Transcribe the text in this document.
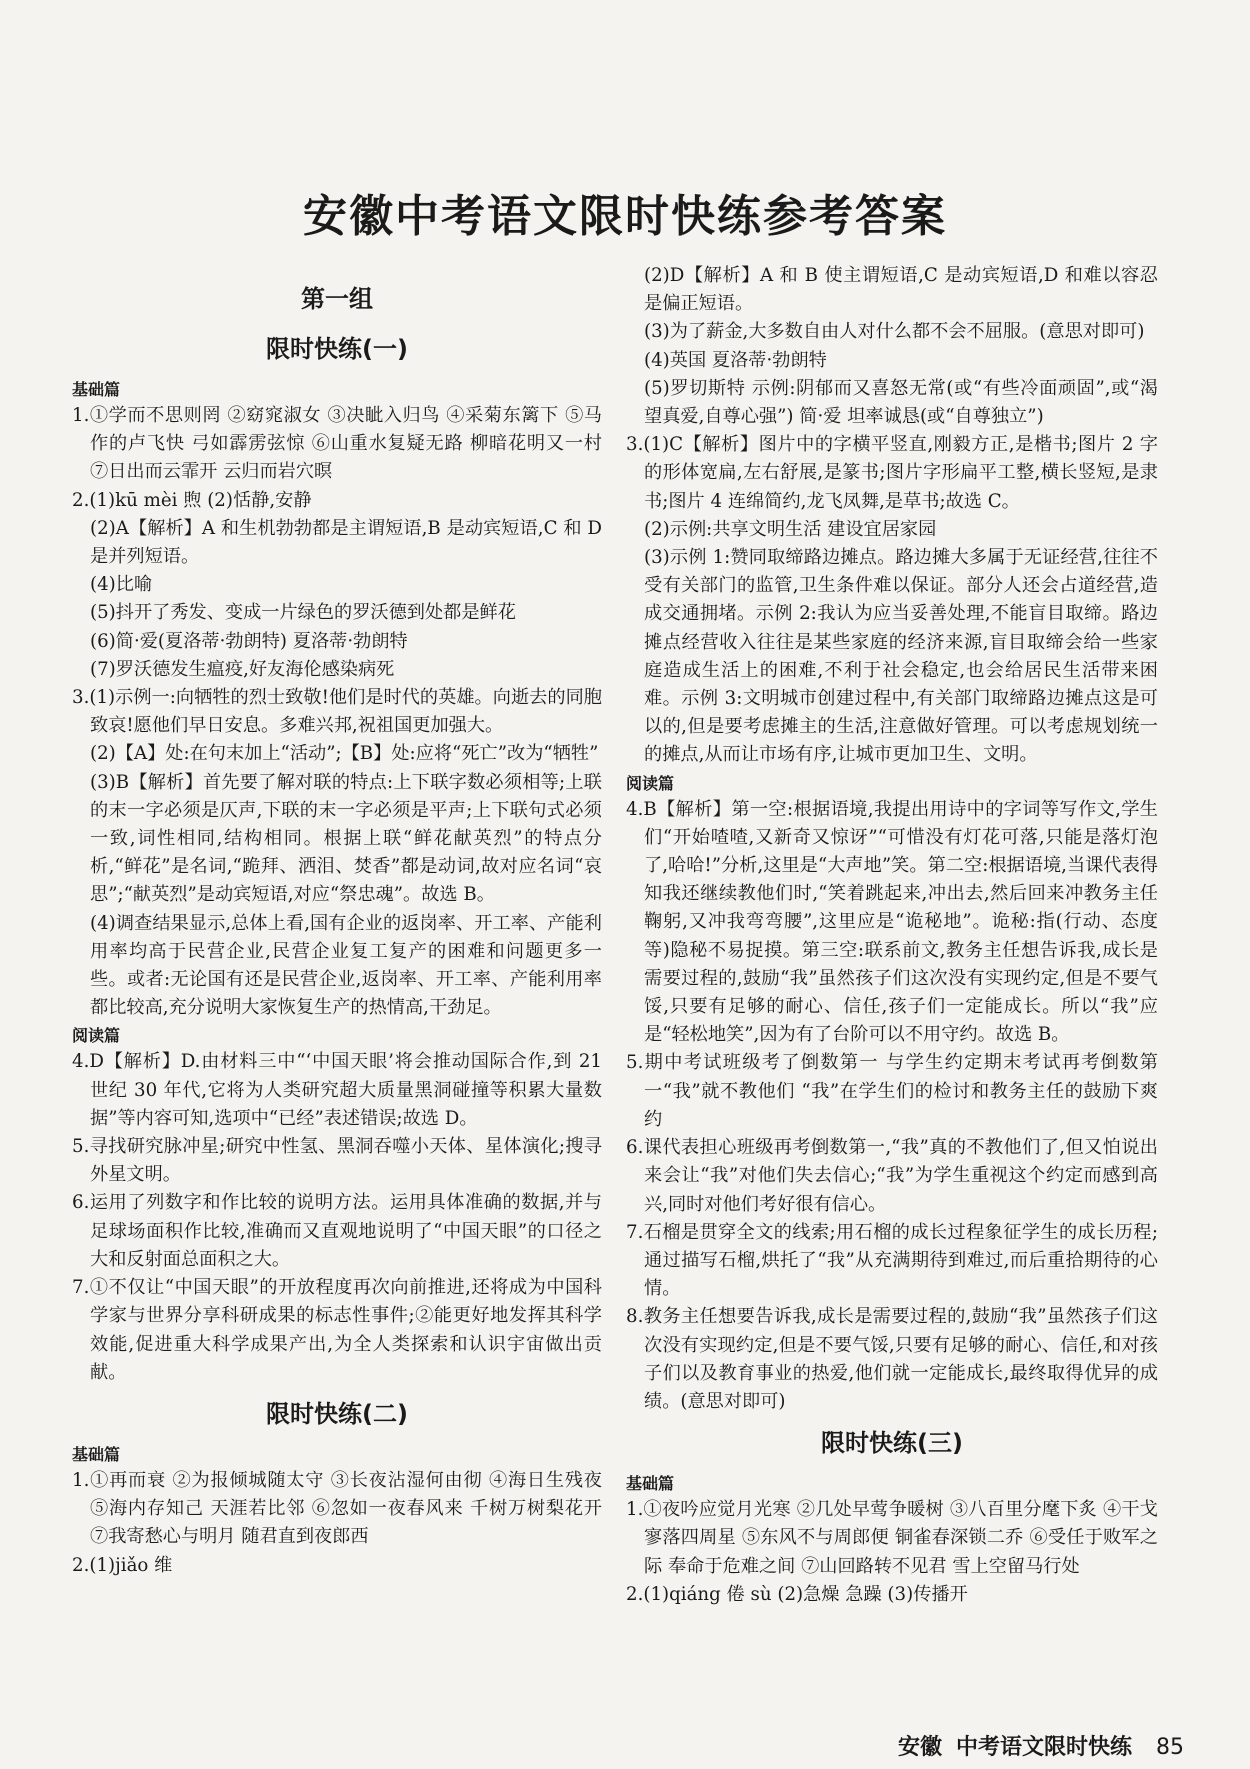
安徽中考语文限时快练参考答案
第一组
限时快练(一)
基础篇

1.①学而不思则罔 ②窈窕淑女 ③决眦入归鸟 ④采菊东篱下 ⑤马作的卢飞快 弓如霹雳弦惊 ⑥山重水复疑无路 柳暗花明又一村 ⑦日出而云霏开 云归而岩穴暝

2.(1)kū mèi 煦 (2)恬静,安静

(2)A【解析】A 和生机勃勃都是主谓短语,B 是动宾短语,C 和 D 是并列短语。

(4)比喻

(5)抖开了秀发、变成一片绿色的罗沃德到处都是鲜花

(6)简·爱(夏洛蒂·勃朗特) 夏洛蒂·勃朗特

(7)罗沃德发生瘟疫,好友海伦感染病死

3.(1)示例一:向牺牲的烈士致敬!他们是时代的英雄。向逝去的同胞致哀!愿他们早日安息。多难兴邦,祝祖国更加强大。

(2)【A】处:在句末加上“活动”;【B】处:应将“死亡”改为“牺牲”

(3)B【解析】首先要了解对联的特点:上下联字数必须相等;上联的末一字必须是仄声,下联的末一字必须是平声;上下联句式必须一致,词性相同,结构相同。根据上联“鲜花献英烈”的特点分析,“鲜花”是名词,“跪拜、洒泪、焚香”都是动词,故对应名词“哀思”;“献英烈”是动宾短语,对应“祭忠魂”。故选 B。

(4)调查结果显示,总体上看,国有企业的返岗率、开工率、产能利用率均高于民营企业,民营企业复工复产的困难和问题更多一些。或者:无论国有还是民营企业,返岗率、开工率、产能利用率都比较高,充分说明大家恢复生产的热情高,干劲足。

阅读篇

4.D【解析】D.由材料三中“‘中国天眼’将会推动国际合作,到 21 世纪 30 年代,它将为人类研究超大质量黑洞碰撞等积累大量数据”等内容可知,选项中“已经”表述错误;故选 D。

5.寻找研究脉冲星;研究中性氢、黑洞吞噬小天体、星体演化;搜寻外星文明。

6.运用了列数字和作比较的说明方法。运用具体准确的数据,并与足球场面积作比较,准确而又直观地说明了“中国天眼”的口径之大和反射面总面积之大。

7.①不仅让“中国天眼”的开放程度再次向前推进,还将成为中国科学家与世界分享科研成果的标志性事件;②能更好地发挥其科学效能,促进重大科学成果产出,为全人类探索和认识宇宙做出贡献。

限时快练(二)
基础篇

1.①再而衰 ②为报倾城随太守 ③长夜沾湿何由彻 ④海日生残夜 ⑤海内存知己 天涯若比邻 ⑥忽如一夜春风来 千树万树梨花开 ⑦我寄愁心与明月 随君直到夜郎西

2.(1)jiǎo 维

(2)D【解析】A 和 B 使主谓短语,C 是动宾短语,D 和难以容忍是偏正短语。

(3)为了薪金,大多数自由人对什么都不会不屈服。(意思对即可)

(4)英国 夏洛蒂·勃朗特

(5)罗切斯特 示例:阴郁而又喜怒无常(或“有些冷面顽固”,或“渴望真爱,自尊心强”) 简·爱 坦率诚恳(或“自尊独立”)

3.(1)C【解析】图片中的字横平竖直,刚毅方正,是楷书;图片 2 字的形体宽扁,左右舒展,是篆书;图片字形扁平工整,横长竖短,是隶书;图片 4 连绵简约,龙飞凤舞,是草书;故选 C。

(2)示例:共享文明生活 建设宜居家园

(3)示例 1:赞同取缔路边摊点。路边摊大多属于无证经营,往往不受有关部门的监管,卫生条件难以保证。部分人还会占道经营,造成交通拥堵。示例 2:我认为应当妥善处理,不能盲目取缔。路边摊点经营收入往往是某些家庭的经济来源,盲目取缔会给一些家庭造成生活上的困难,不利于社会稳定,也会给居民生活带来困难。示例 3:文明城市创建过程中,有关部门取缔路边摊点这是可以的,但是要考虑摊主的生活,注意做好管理。可以考虑规划统一的摊点,从而让市场有序,让城市更加卫生、文明。

阅读篇

4.B【解析】第一空:根据语境,我提出用诗中的字词等写作文,学生们“开始喳喳,又新奇又惊讶”“可惜没有灯花可落,只能是落灯泡了,哈哈!”分析,这里是“大声地”笑。第二空:根据语境,当课代表得知我还继续教他们时,“笑着跳起来,冲出去,然后回来冲教务主任鞠躬,又冲我弯弯腰”,这里应是“诡秘地”。诡秘:指(行动、态度等)隐秘不易捉摸。第三空:联系前文,教务主任想告诉我,成长是需要过程的,鼓励“我”虽然孩子们这次没有实现约定,但是不要气馁,只要有足够的耐心、信任,孩子们一定能成长。所以“我”应是“轻松地笑”,因为有了台阶可以不用守约。故选 B。

5.期中考试班级考了倒数第一 与学生约定期末考试再考倒数第一“我”就不教他们 “我”在学生们的检讨和教务主任的鼓励下爽约

6.课代表担心班级再考倒数第一,“我”真的不教他们了,但又怕说出来会让“我”对他们失去信心;“我”为学生重视这个约定而感到高兴,同时对他们考好很有信心。

7.石榴是贯穿全文的线索;用石榴的成长过程象征学生的成长历程;通过描写石榴,烘托了“我”从充满期待到难过,而后重拾期待的心情。

8.教务主任想要告诉我,成长是需要过程的,鼓励“我”虽然孩子们这次没有实现约定,但是不要气馁,只要有足够的耐心、信任,和对孩子们以及教育事业的热爱,他们就一定能成长,最终取得优异的成绩。(意思对即可)

限时快练(三)
基础篇

1.①夜吟应觉月光寒 ②几处早莺争暖树 ③八百里分麾下炙 ④干戈寥落四周星 ⑤东风不与周郎便 铜雀春深锁二乔 ⑥受任于败军之际 奉命于危难之间 ⑦山回路转不见君 雪上空留马行处

2.(1)qiáng 倦 sù (2)急燥 急躁 (3)传播开

安徽 中考语文限时快练 85
